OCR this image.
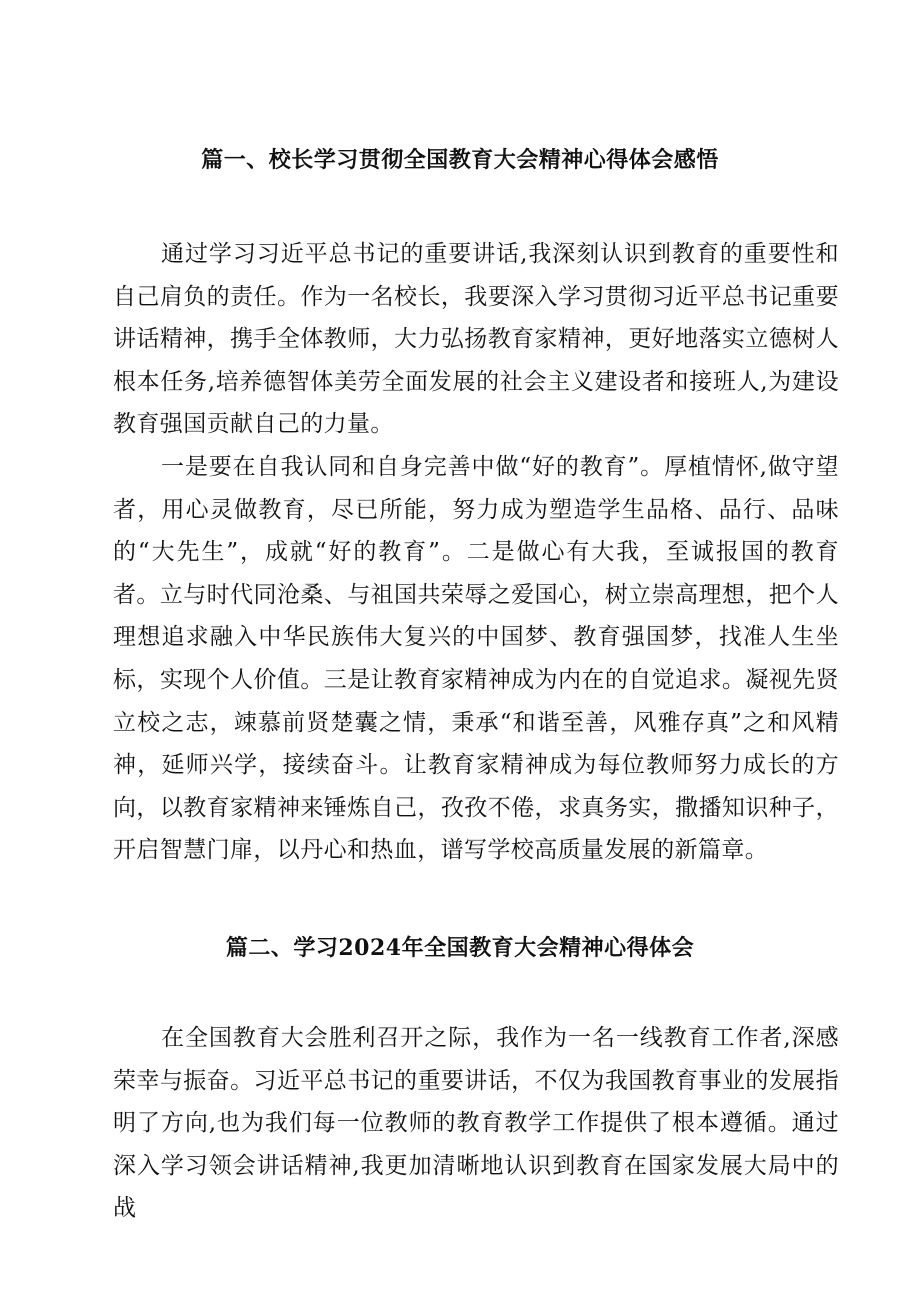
篇一、校长学习贯彻全国教育大会精神心得体会感悟

通过学习习近平总书记的重要讲话,我深刻认识到教育的重要性和自己肩负的责任。作为一名校长，我要深入学习贯彻习近平总书记重要讲话精神，携手全体教师，大力弘扬教育家精神，更好地落实立德树人根本任务,培养德智体美劳全面发展的社会主义建设者和接班人,为建设教育强国贡献自己的力量。

一是要在自我认同和自身完善中做“好的教育”。厚植情怀,做守望者，用心灵做教育，尽已所能，努力成为塑造学生品格、品行、品味的“大先生”，成就“好的教育”。二是做心有大我，至诚报国的教育者。立与时代同沧桑、与祖国共荣辱之爱国心，树立崇高理想，把个人理想追求融入中华民族伟大复兴的中国梦、教育强国梦，找准人生坐标，实现个人价值。三是让教育家精神成为内在的自觉追求。凝视先贤立校之志，竦慕前贤楚囊之情，秉承“和谐至善，风雅存真”之和风精神，延师兴学，接续奋斗。让教育家精神成为每位教师努力成长的方向，以教育家精神来锤炼自己，孜孜不倦，求真务实，撒播知识种子，开启智慧门扉，以丹心和热血，谱写学校高质量发展的新篇章。

篇二、学习2024年全国教育大会精神心得体会

在全国教育大会胜利召开之际，我作为一名一线教育工作者,深感荣幸与振奋。习近平总书记的重要讲话，不仅为我国教育事业的发展指明了方向,也为我们每一位教师的教育教学工作提供了根本遵循。通过深入学习领会讲话精神,我更加清晰地认识到教育在国家发展大局中的战
